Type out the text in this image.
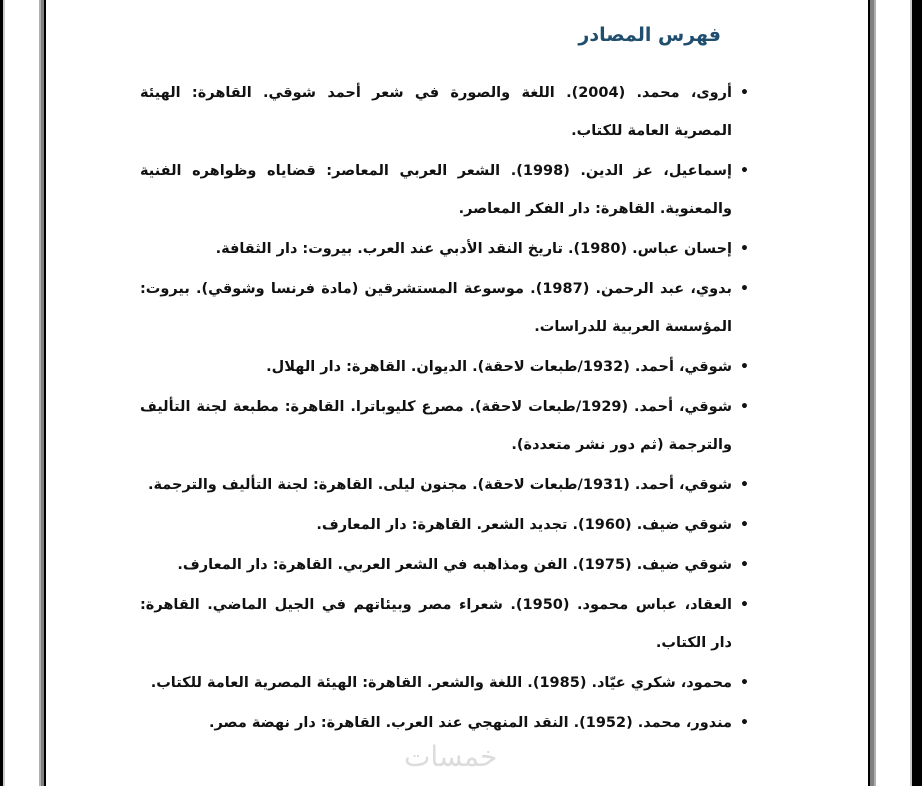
فهرس المصادر
•
أروى، محمد. (2004). اللغة والصورة في شعر أحمد شوقي. القاهرة: الهيئة المصرية العامة للكتاب.
•
إسماعيل، عز الدين. (1998). الشعر العربي المعاصر: قضاياه وظواهره الفنية والمعنوية. القاهرة: دار الفكر المعاصر.
•
إحسان عباس. (1980). تاريخ النقد الأدبي عند العرب. بيروت: دار الثقافة.
•
بدوي، عبد الرحمن. (1987). موسوعة المستشرقين (مادة فرنسا وشوقي). بيروت: المؤسسة العربية للدراسات.
•
شوقي، أحمد. (1932/طبعات لاحقة). الديوان. القاهرة: دار الهلال.
•
شوقي، أحمد. (1929/طبعات لاحقة). مصرع كليوباترا. القاهرة: مطبعة لجنة التأليف والترجمة (ثم دور نشر متعددة).
•
شوقي، أحمد. (1931/طبعات لاحقة). مجنون ليلى. القاهرة: لجنة التأليف والترجمة.
•
شوقي ضيف. (1960). تجديد الشعر. القاهرة: دار المعارف.
•
شوقي ضيف. (1975). الفن ومذاهبه في الشعر العربي. القاهرة: دار المعارف.
•
العقاد، عباس محمود. (1950). شعراء مصر وبيئاتهم في الجيل الماضي. القاهرة: دار الكتاب.
•
محمود، شكري عيّاد. (1985). اللغة والشعر. القاهرة: الهيئة المصرية العامة للكتاب.
•
مندور، محمد. (1952). النقد المنهجي عند العرب. القاهرة: دار نهضة مصر.
خمسات
